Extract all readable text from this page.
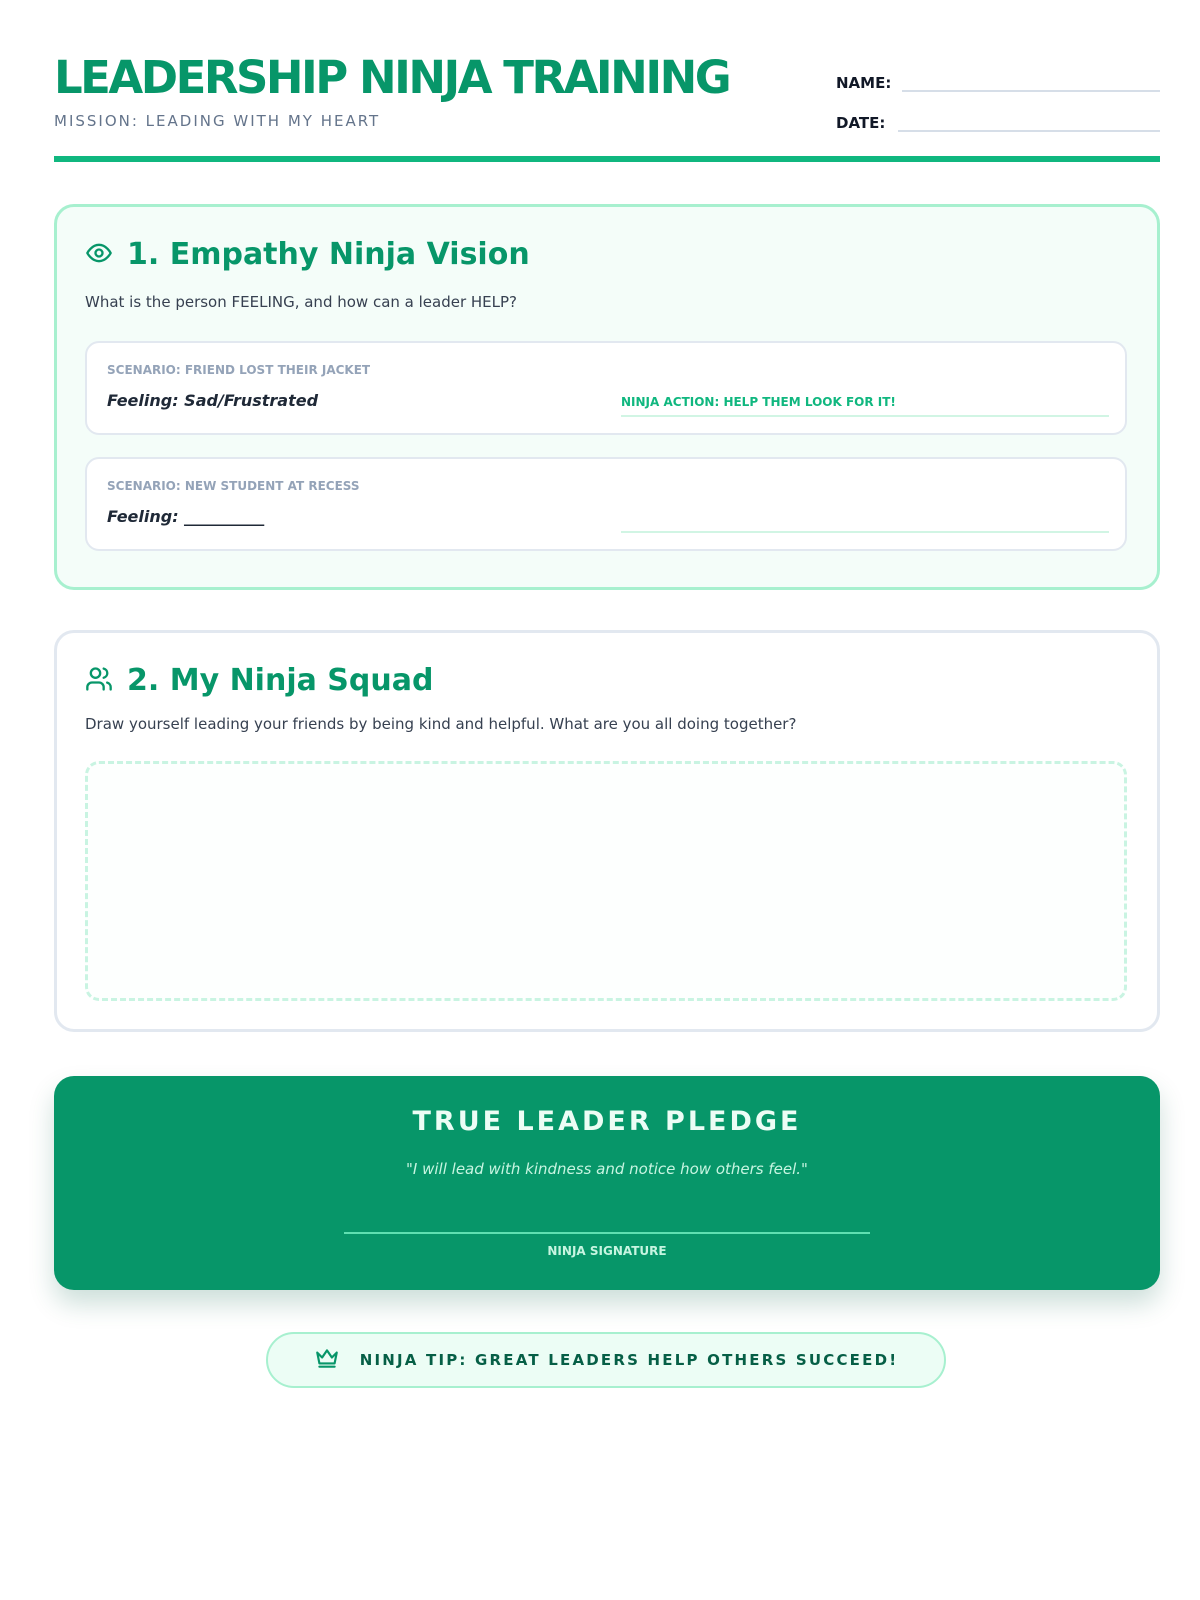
LEADERSHIP NINJA TRAINING
MISSION: LEADING WITH MY HEART
NAME:
DATE:
1. Empathy Ninja Vision
What is the person FEELING, and how can a leader HELP?
SCENARIO: FRIEND LOST THEIR JACKET
Feeling: Sad/Frustrated	NINJA ACTION: HELP THEM LOOK FOR IT!
SCENARIO: NEW STUDENT AT RECESS
Feeling: __________
2. My Ninja Squad
Draw yourself leading your friends by being kind and helpful. What are you all doing together?
TRUE LEADER PLEDGE
"I will lead with kindness and notice how others feel."
NINJA SIGNATURE
NINJA TIP: GREAT LEADERS HELP OTHERS SUCCEED!
